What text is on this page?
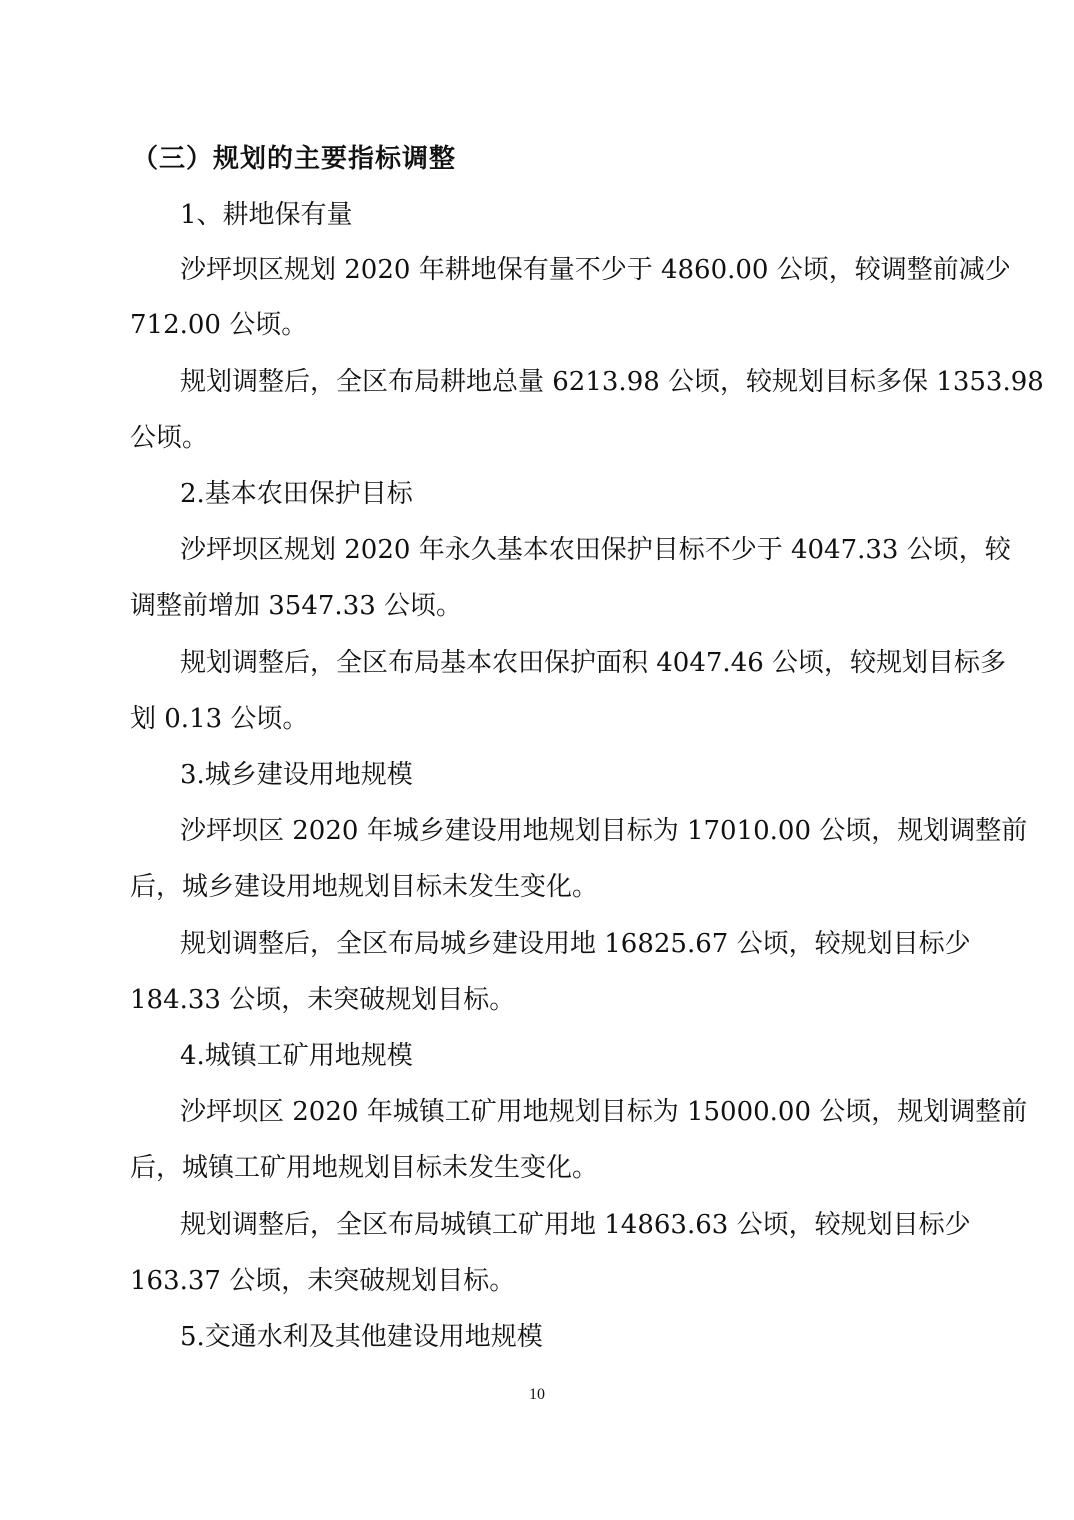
（三）规划的主要指标调整
1、耕地保有量
沙坪坝区规划 2020 年耕地保有量不少于 4860.00 公顷，较调整前减少
712.00 公顷。
规划调整后，全区布局耕地总量 6213.98 公顷，较规划目标多保 1353.98
公顷。
2.基本农田保护目标
沙坪坝区规划 2020 年永久基本农田保护目标不少于 4047.33 公顷，较
调整前增加 3547.33 公顷。
规划调整后，全区布局基本农田保护面积 4047.46 公顷，较规划目标多
划 0.13 公顷。
3.城乡建设用地规模
沙坪坝区 2020 年城乡建设用地规划目标为 17010.00 公顷，规划调整前
后，城乡建设用地规划目标未发生变化。
规划调整后，全区布局城乡建设用地 16825.67 公顷，较规划目标少
184.33 公顷，未突破规划目标。
4.城镇工矿用地规模
沙坪坝区 2020 年城镇工矿用地规划目标为 15000.00 公顷，规划调整前
后，城镇工矿用地规划目标未发生变化。
规划调整后，全区布局城镇工矿用地 14863.63 公顷，较规划目标少
163.37 公顷，未突破规划目标。
5.交通水利及其他建设用地规模
10
